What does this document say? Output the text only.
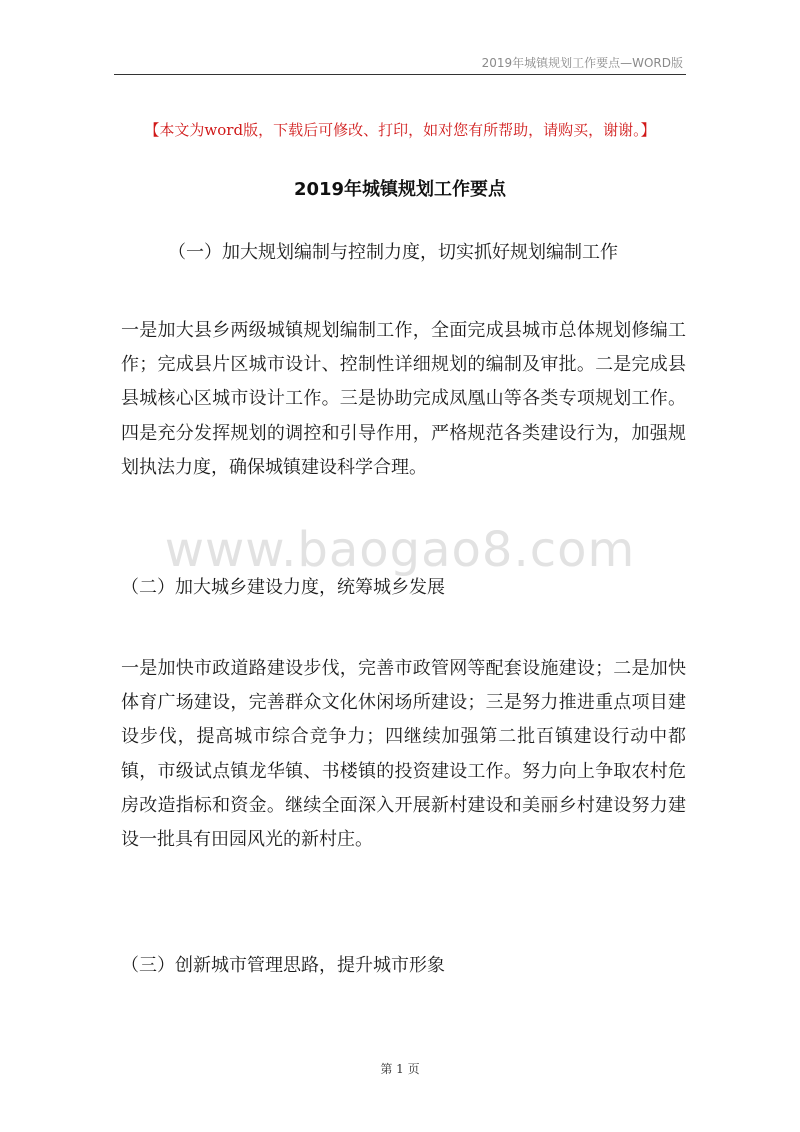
2019年城镇规划工作要点—WORD版
【本文为word版，下载后可修改、打印，如对您有所帮助，请购买，谢谢。】
2019年城镇规划工作要点
（一）加大规划编制与控制力度，切实抓好规划编制工作
一是加大县乡两级城镇规划编制工作，全面完成县城市总体规划修编工作；完成县片区城市设计、控制性详细规划的编制及审批。二是完成县县城核心区城市设计工作。三是协助完成凤凰山等各类专项规划工作。四是充分发挥规划的调控和引导作用，严格规范各类建设行为，加强规划执法力度，确保城镇建设科学合理。
www.baogao8.com
（二）加大城乡建设力度，统筹城乡发展
一是加快市政道路建设步伐，完善市政管网等配套设施建设；二是加快体育广场建设，完善群众文化休闲场所建设；三是努力推进重点项目建设步伐，提高城市综合竞争力；四继续加强第二批百镇建设行动中都镇，市级试点镇龙华镇、书楼镇的投资建设工作。努力向上争取农村危房改造指标和资金。继续全面深入开展新村建设和美丽乡村建设努力建设一批具有田园风光的新村庄。
（三）创新城市管理思路，提升城市形象
第 1 页
